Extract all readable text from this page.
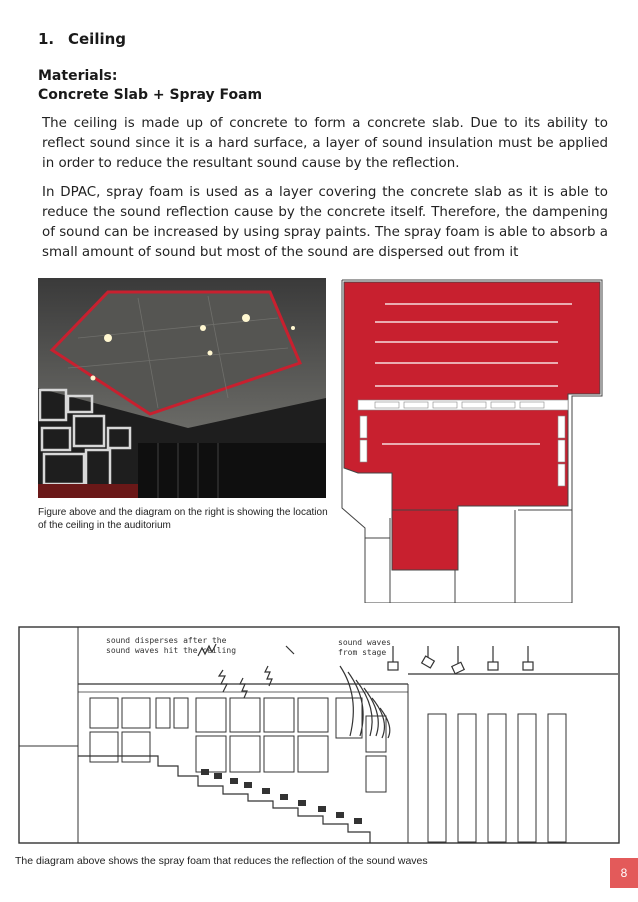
1. Ceiling
Materials:
Concrete Slab + Spray Foam

The ceiling is made up of concrete to form a concrete slab. Due to its ability to reflect sound since it is a hard surface, a layer of sound insulation must be applied in order to reduce the resultant sound cause by the reflection.

In DPAC, spray foam is used as a layer covering the concrete slab as it is able to reduce the sound reflection cause by the concrete itself. Therefore, the dampening of sound can be increased by using spray paints. The spray foam is able to absorb a small amount of sound but most of the sound are dispersed out from it

Figure above and the diagram on the right is showing the location of the ceiling in the auditorium
sound disperses after the
sound waves hit the ceiling
sound waves
from stage
The diagram above shows the spray foam that reduces the reflection of the sound waves
8
